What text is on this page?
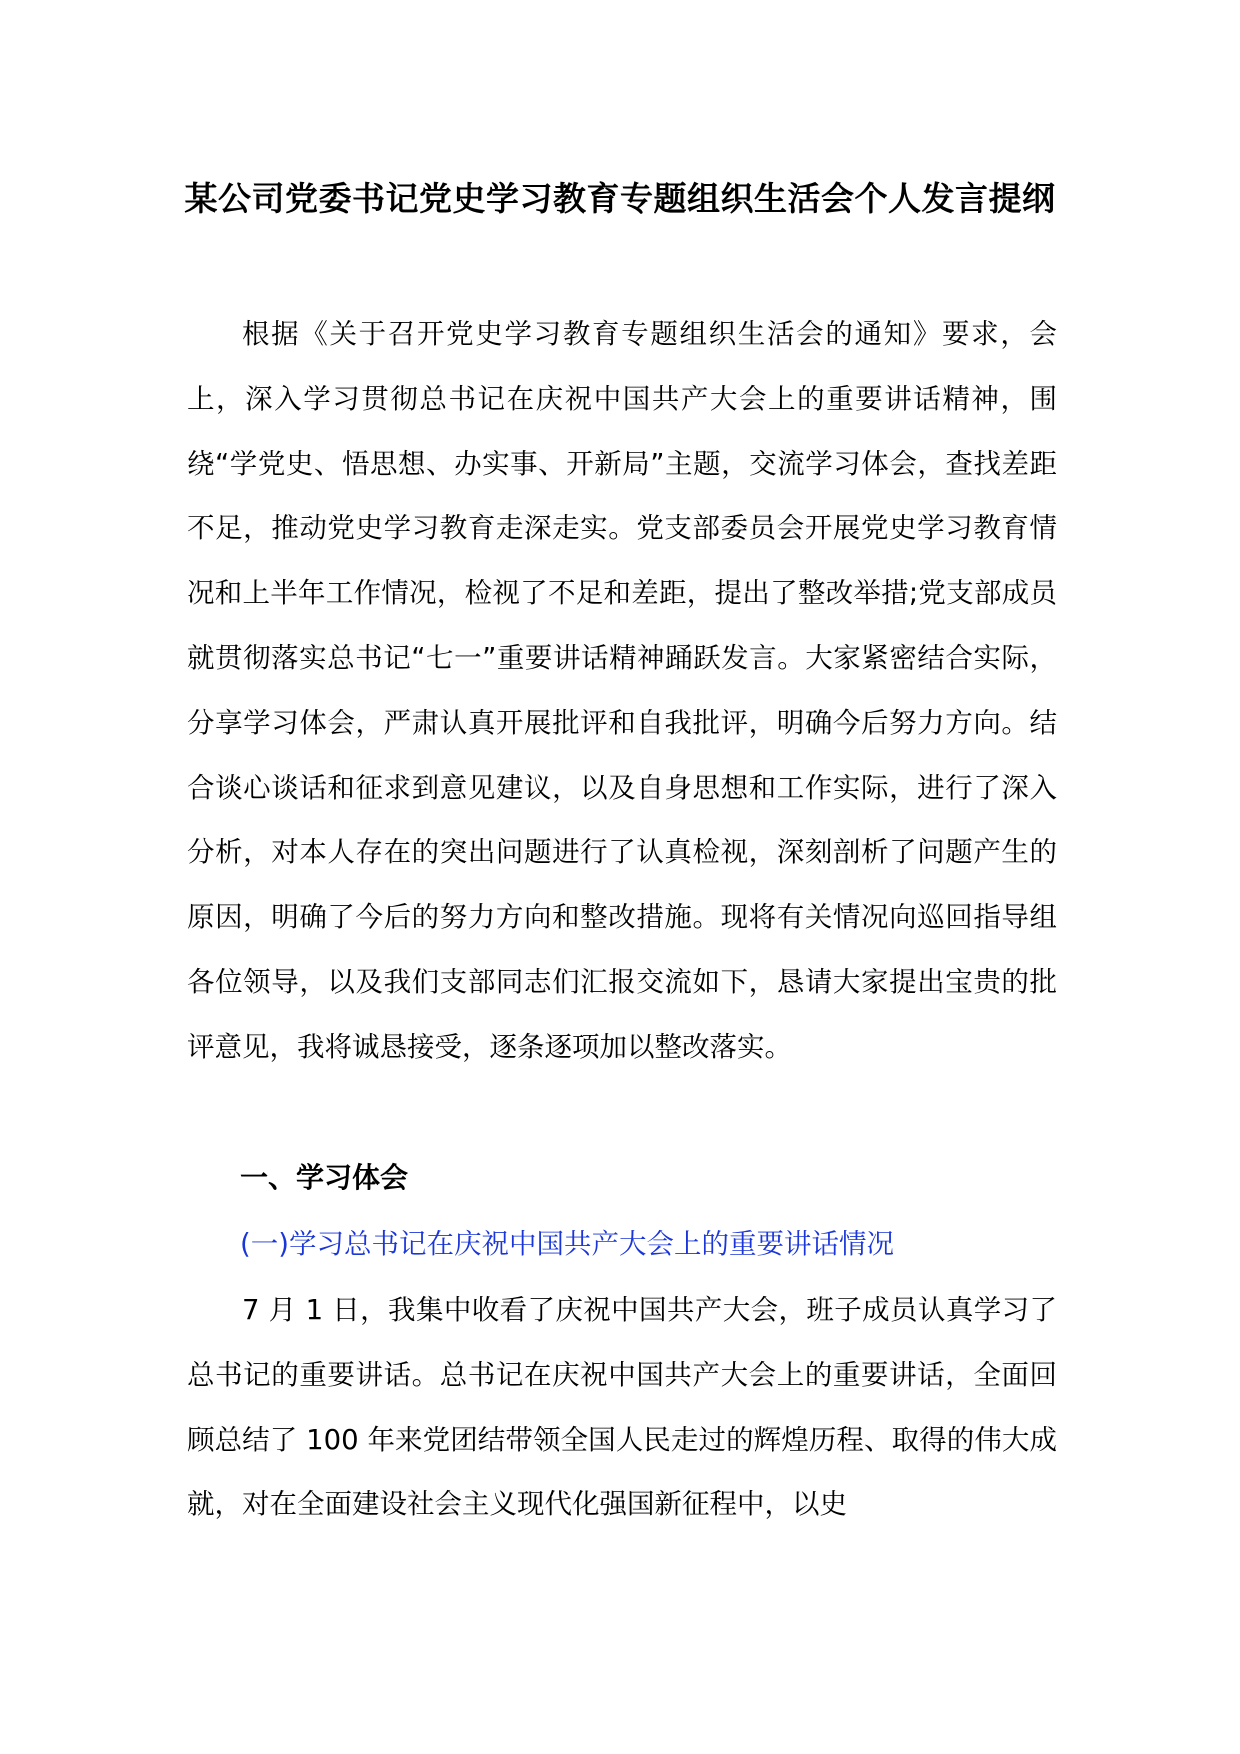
某公司党委书记党史学习教育专题组织生活会个人发言提纲

根据《关于召开党史学习教育专题组织生活会的通知》要求，会上，深入学习贯彻总书记在庆祝中国共产大会上的重要讲话精神，围绕“学党史、悟思想、办实事、开新局”主题，交流学习体会，查找差距不足，推动党史学习教育走深走实。党支部委员会开展党史学习教育情况和上半年工作情况，检视了不足和差距，提出了整改举措;党支部成员就贯彻落实总书记“七一”重要讲话精神踊跃发言。大家紧密结合实际，分享学习体会，严肃认真开展批评和自我批评，明确今后努力方向。结合谈心谈话和征求到意见建议，以及自身思想和工作实际，进行了深入分析，对本人存在的突出问题进行了认真检视，深刻剖析了问题产生的原因，明确了今后的努力方向和整改措施。现将有关情况向巡回指导组各位领导，以及我们支部同志们汇报交流如下，恳请大家提出宝贵的批评意见，我将诚恳接受，逐条逐项加以整改落实。

一、学习体会

(一)学习总书记在庆祝中国共产大会上的重要讲话情况

7 月 1 日，我集中收看了庆祝中国共产大会，班子成员认真学习了总书记的重要讲话。总书记在庆祝中国共产大会上的重要讲话，全面回顾总结了 100 年来党团结带领全国人民走过的辉煌历程、取得的伟大成就，对在全面建设社会主义现代化强国新征程中，以史
